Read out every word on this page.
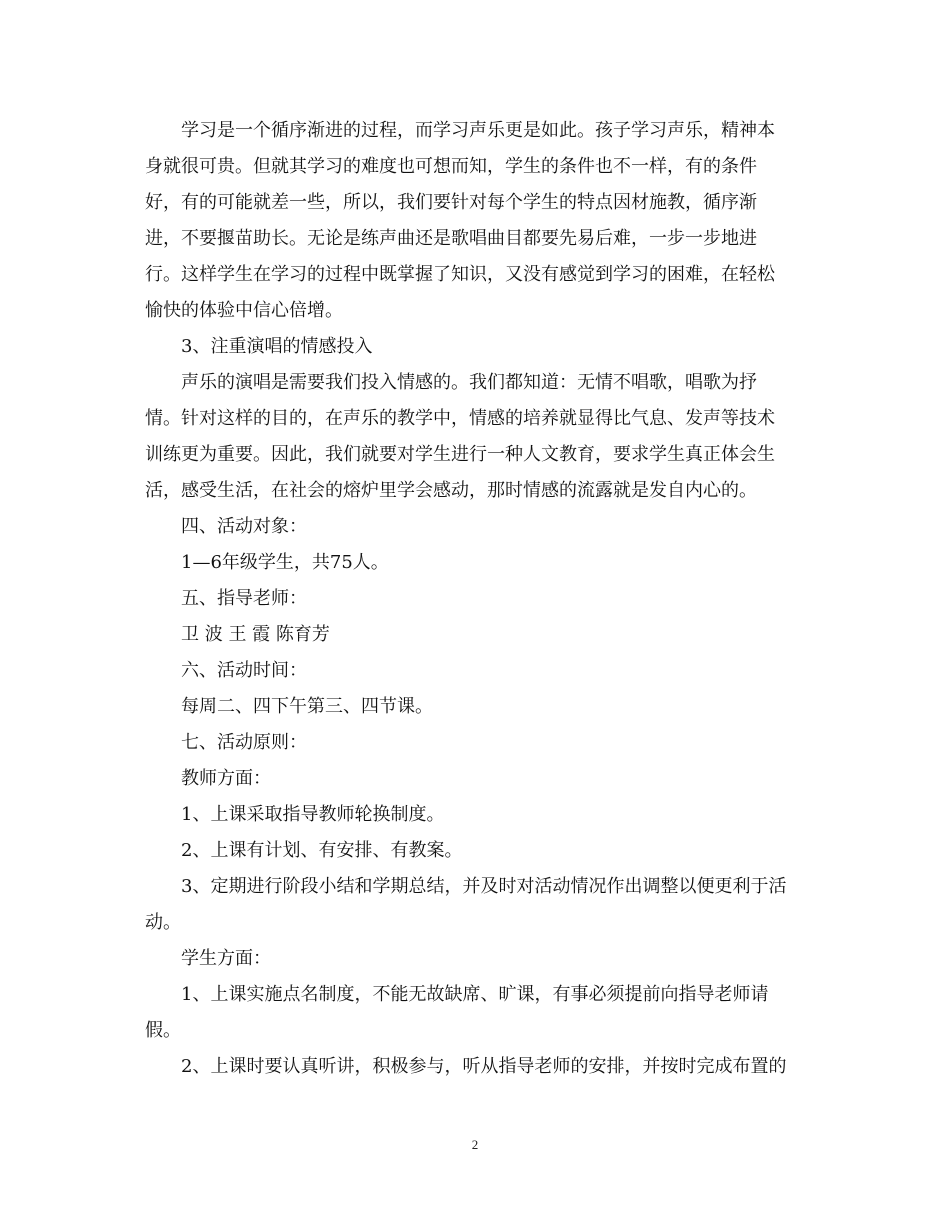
学习是一个循序渐进的过程，而学习声乐更是如此。孩子学习声乐，精神本
身就很可贵。但就其学习的难度也可想而知，学生的条件也不一样，有的条件
好，有的可能就差一些，所以，我们要针对每个学生的特点因材施教，循序渐
进，不要揠苗助长。无论是练声曲还是歌唱曲目都要先易后难，一步一步地进
行。这样学生在学习的过程中既掌握了知识，又没有感觉到学习的困难，在轻松
愉快的体验中信心倍增。
3、注重演唱的情感投入
声乐的演唱是需要我们投入情感的。我们都知道：无情不唱歌，唱歌为抒
情。针对这样的目的，在声乐的教学中，情感的培养就显得比气息、发声等技术
训练更为重要。因此，我们就要对学生进行一种人文教育，要求学生真正体会生
活，感受生活，在社会的熔炉里学会感动，那时情感的流露就是发自内心的。
四、活动对象：
1—6年级学生，共75人。
五、指导老师：
卫 波 王 霞 陈育芳
六、活动时间：
每周二、四下午第三、四节课。
七、活动原则：
教师方面：
1、上课采取指导教师轮换制度。
2、上课有计划、有安排、有教案。
3、定期进行阶段小结和学期总结，并及时对活动情况作出调整以便更利于活
动。
学生方面：
1、上课实施点名制度，不能无故缺席、旷课，有事必须提前向指导老师请
假。
2、上课时要认真听讲，积极参与，听从指导老师的安排，并按时完成布置的
2
